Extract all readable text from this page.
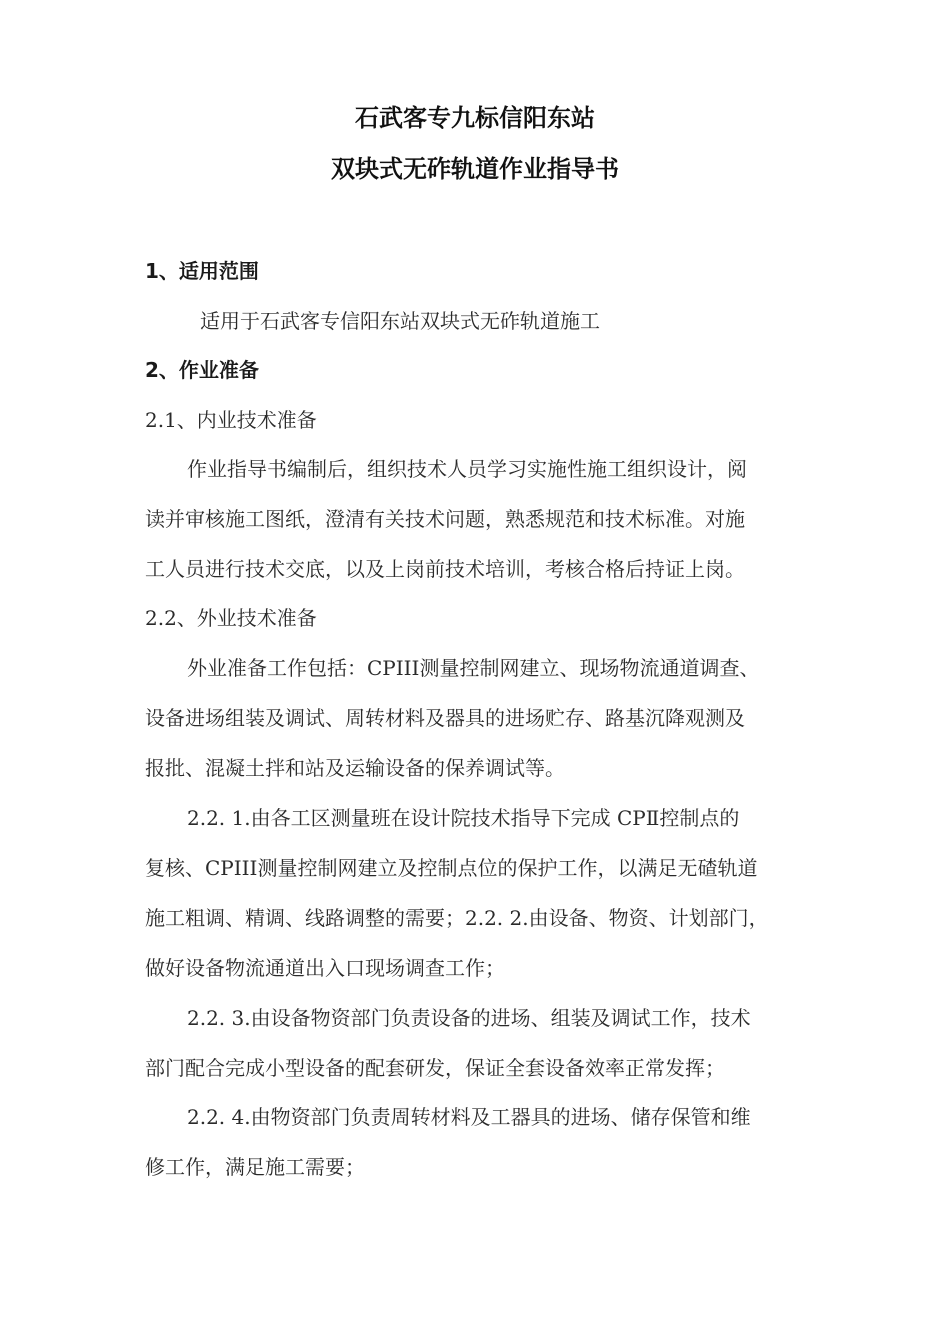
石武客专九标信阳东站
双块式无砟轨道作业指导书
1、适用范围
适用于石武客专信阳东站双块式无砟轨道施工
2、作业准备
2.1、内业技术准备
作业指导书编制后，组织技术人员学习实施性施工组织设计，阅
读并审核施工图纸，澄清有关技术问题，熟悉规范和技术标准。对施
工人员进行技术交底，以及上岗前技术培训，考核合格后持证上岗。
2.2、外业技术准备
外业准备工作包括：CPIII测量控制网建立、现场物流通道调查、
设备进场组装及调试、周转材料及器具的进场贮存、路基沉降观测及
报批、混凝土拌和站及运输设备的保养调试等。
2.2. 1.由各工区测量班在设计院技术指导下完成 CPⅡ控制点的
复核、CPIII测量控制网建立及控制点位的保护工作，以满足无碴轨道
施工粗调、精调、线路调整的需要；2.2. 2.由设备、物资、计划部门，
做好设备物流通道出入口现场调查工作；
2.2. 3.由设备物资部门负责设备的进场、组装及调试工作，技术
部门配合完成小型设备的配套研发，保证全套设备效率正常发挥；
2.2. 4.由物资部门负责周转材料及工器具的进场、储存保管和维
修工作，满足施工需要；
